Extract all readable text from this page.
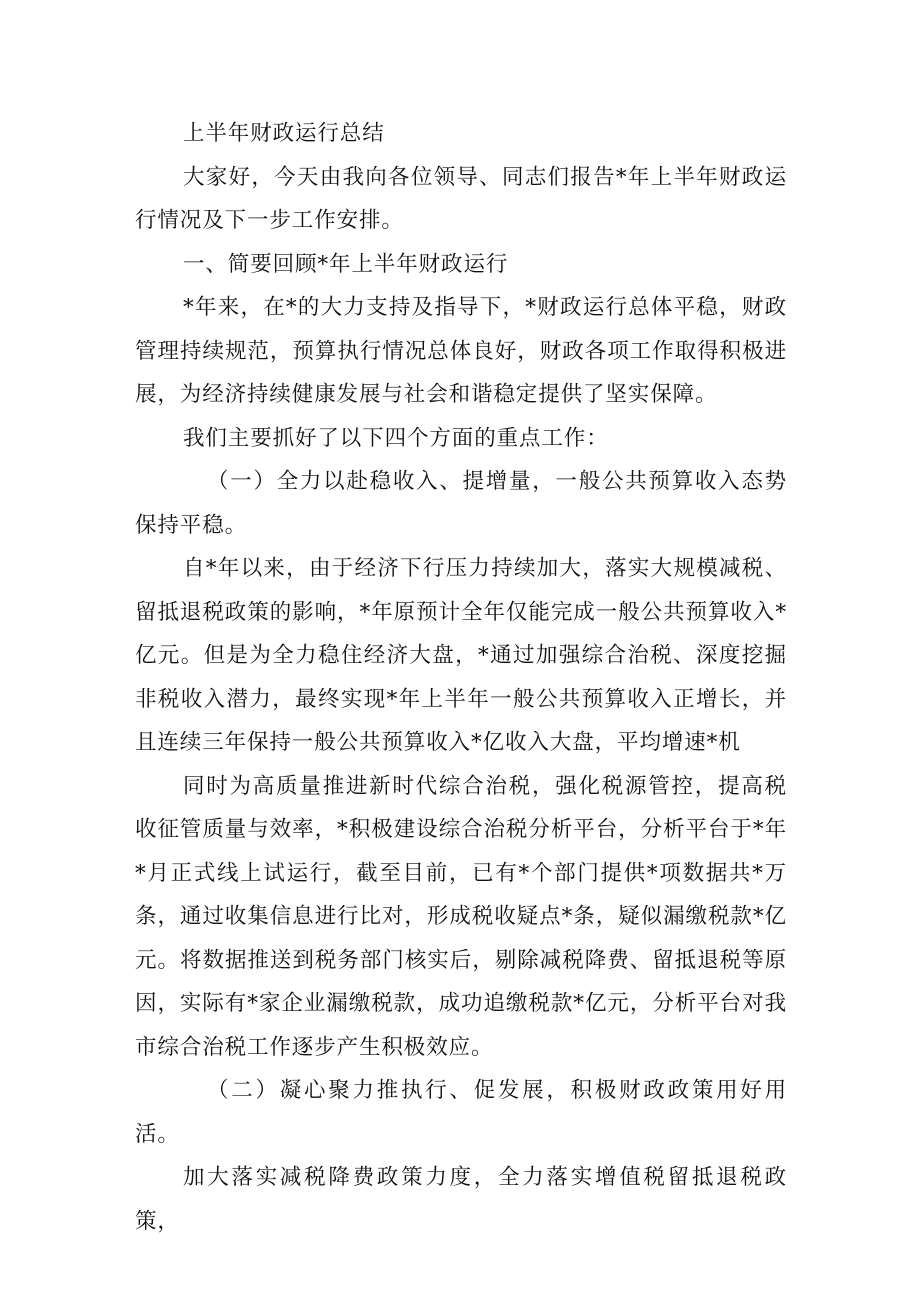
上半年财政运行总结

大家好，今天由我向各位领导、同志们报告*年上半年财政运行情况及下一步工作安排。

一、简要回顾*年上半年财政运行

*年来，在*的大力支持及指导下，*财政运行总体平稳，财政管理持续规范，预算执行情况总体良好，财政各项工作取得积极进展，为经济持续健康发展与社会和谐稳定提供了坚实保障。

我们主要抓好了以下四个方面的重点工作：

（一）全力以赴稳收入、提增量，一般公共预算收入态势保持平稳。

自*年以来，由于经济下行压力持续加大，落实大规模减税、留抵退税政策的影响，*年原预计全年仅能完成一般公共预算收入*亿元。但是为全力稳住经济大盘，*通过加强综合治税、深度挖掘非税收入潜力，最终实现*年上半年一般公共预算收入正增长，并且连续三年保持一般公共预算收入*亿收入大盘，平均增速*机

同时为高质量推进新时代综合治税，强化税源管控，提高税收征管质量与效率，*积极建设综合治税分析平台，分析平台于*年*月正式线上试运行，截至目前，已有*个部门提供*项数据共*万条，通过收集信息进行比对，形成税收疑点*条，疑似漏缴税款*亿元。将数据推送到税务部门核实后，剔除减税降费、留抵退税等原因，实际有*家企业漏缴税款，成功追缴税款*亿元，分析平台对我市综合治税工作逐步产生积极效应。

（二）凝心聚力推执行、促发展，积极财政政策用好用活。

加大落实减税降费政策力度，全力落实增值税留抵退税政策，
